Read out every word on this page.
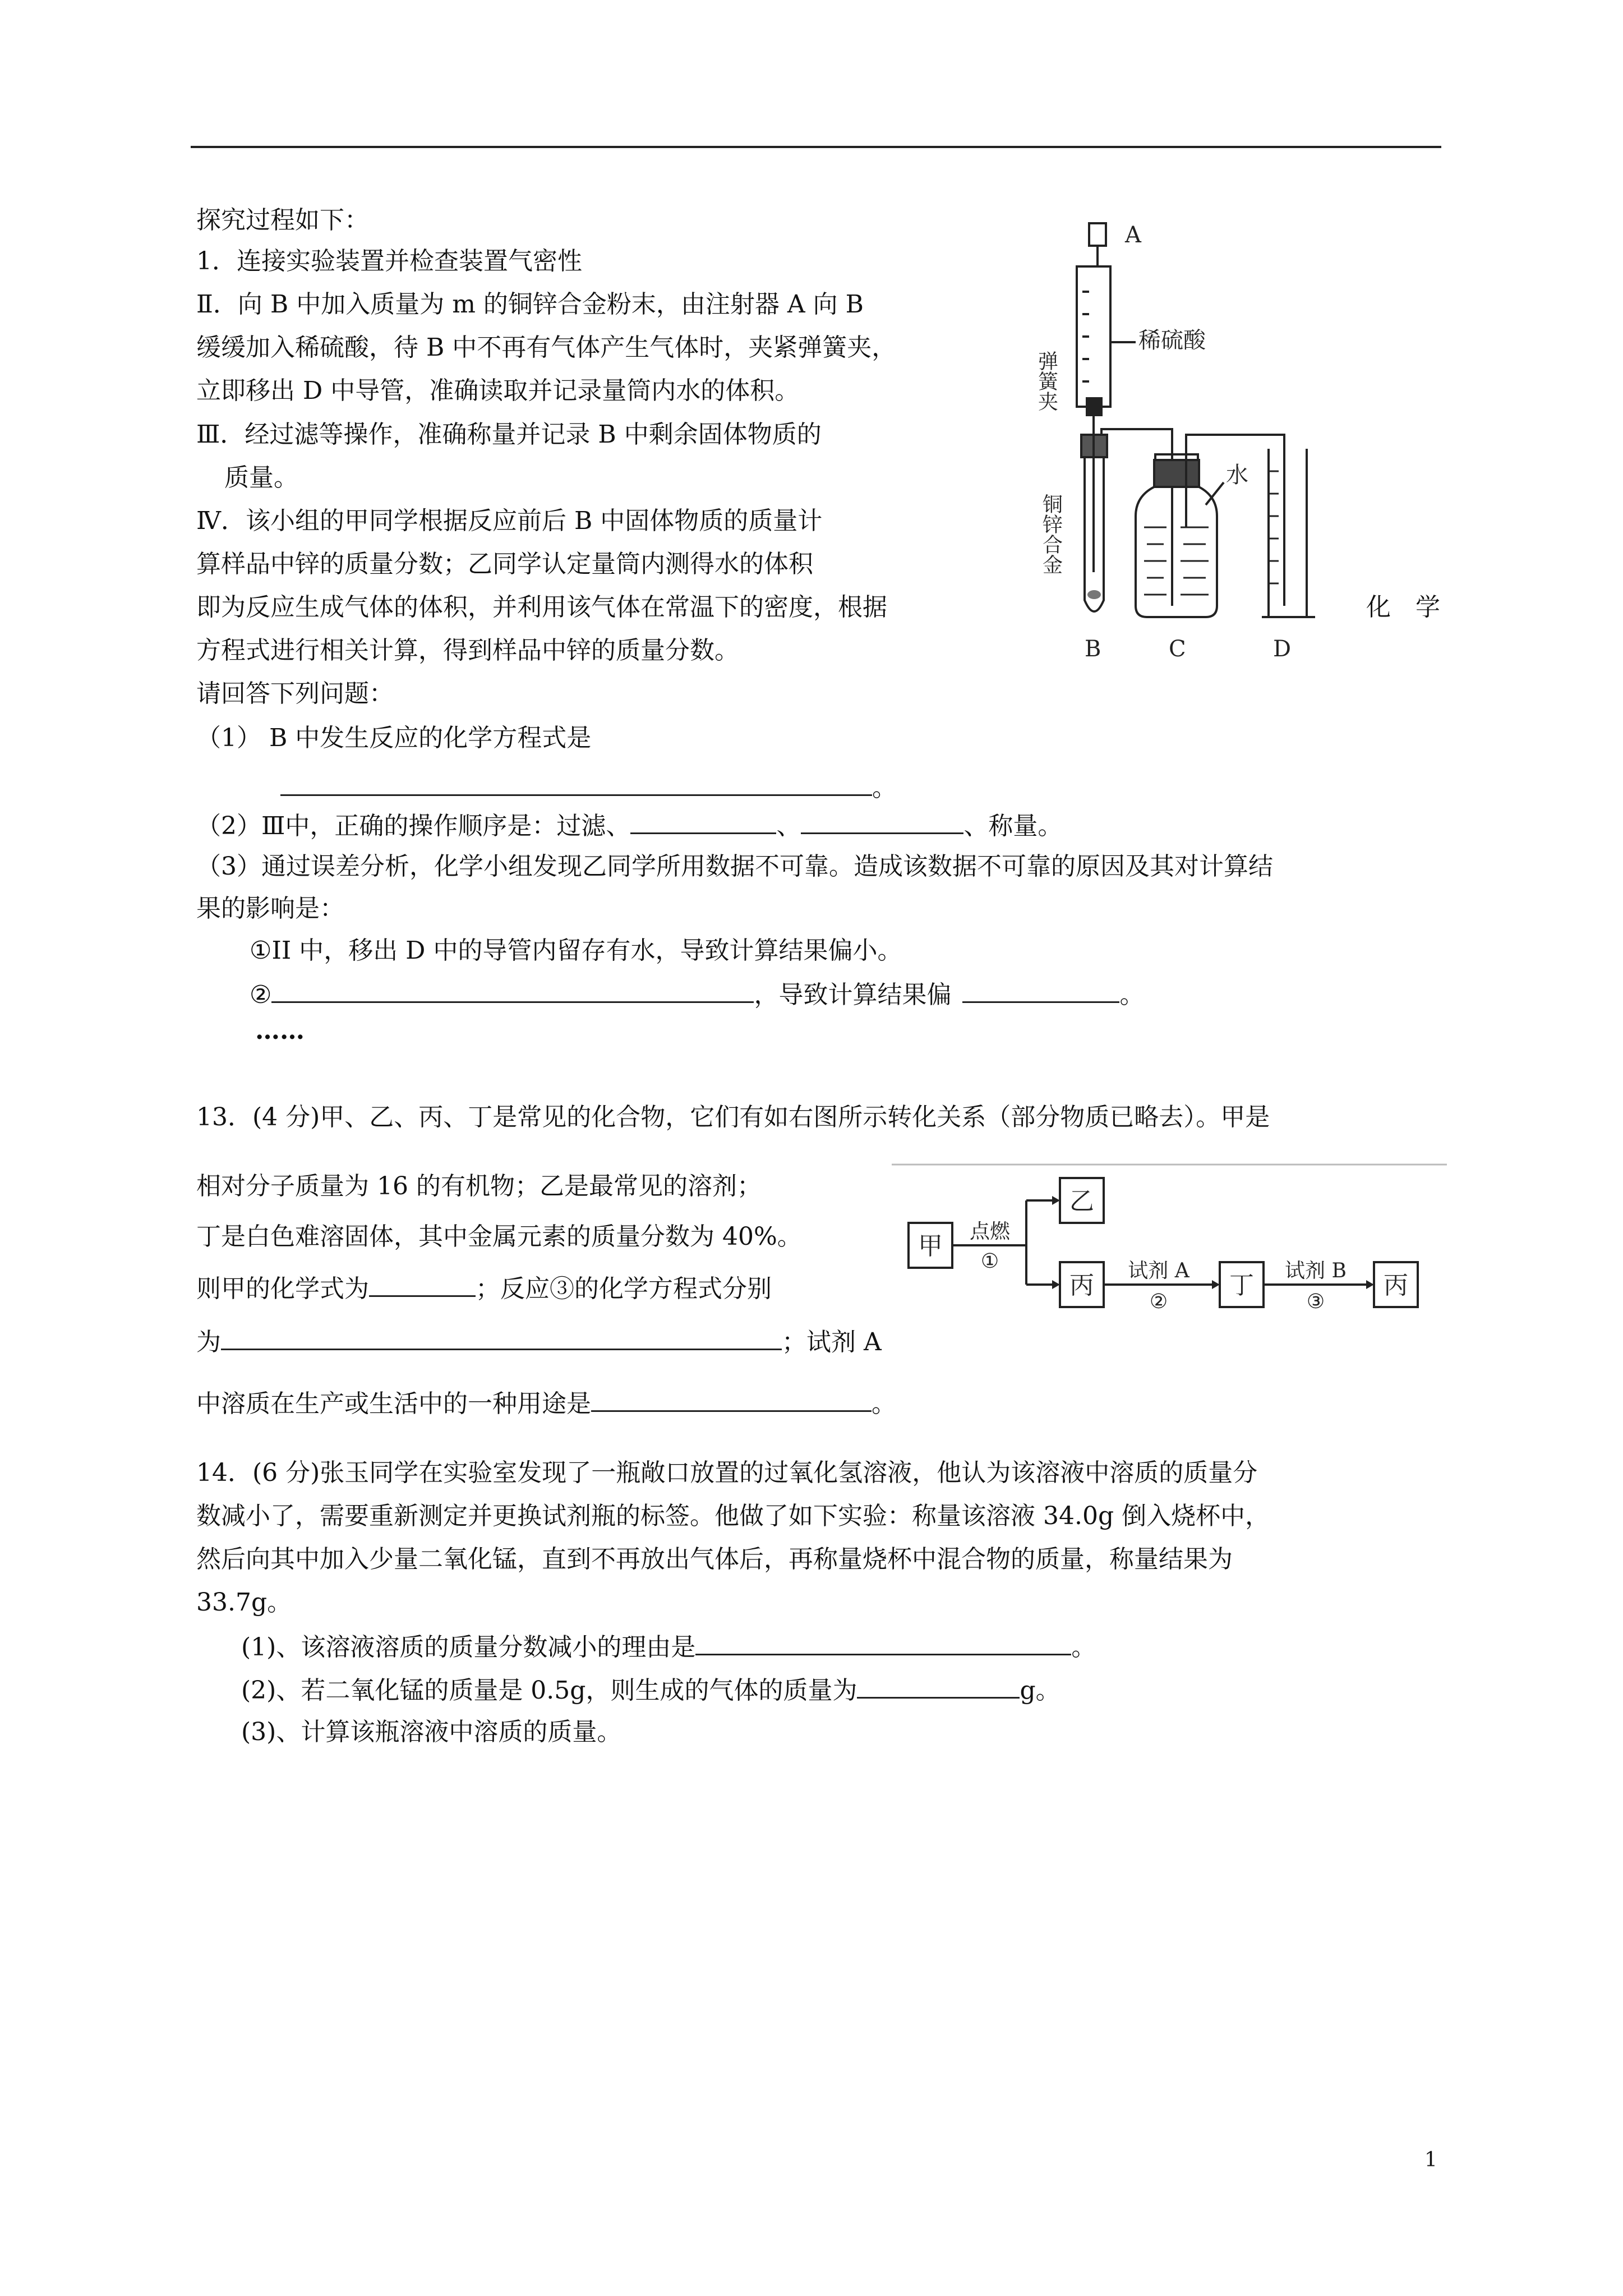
探究过程如下：
1．连接实验装置并检查装置气密性
Ⅱ．向 B 中加入质量为 m 的铜锌合金粉末，由注射器 A 向 B
缓缓加入稀硫酸，待 B 中不再有气体产生气体时，夹紧弹簧夹，
立即移出 D 中导管，准确读取并记录量筒内水的体积。
Ⅲ．经过滤等操作，准确称量并记录 B 中剩余固体物质的
质量。
Ⅳ．该小组的甲同学根据反应前后 B 中固体物质的质量计
算样品中锌的质量分数；乙同学认定量筒内测得水的体积
即为反应生成气体的体积，并利用该气体在常温下的密度，根据	化　学
方程式进行相关计算，得到样品中锌的质量分数。
请回答下列问题：
A
稀硫酸
水
B	C	D
弹簧夹
铜锌合金
（1） B 中发生反应的化学方程式是
。
（2）Ⅲ中，正确的操作顺序是：过滤、	、	、称量。
（3）通过误差分析，化学小组发现乙同学所用数据不可靠。造成该数据不可靠的原因及其对计算结
果的影响是：
①II 中，移出 D 中的导管内留存有水，导致计算结果偏小。
②	，导致计算结果偏	。
……
13．(4 分)甲、乙、丙、丁是常见的化合物，它们有如右图所示转化关系（部分物质已略去）。甲是
相对分子质量为 16 的有机物；乙是最常见的溶剂；
丁是白色难溶固体，其中金属元素的质量分数为 40%。
则甲的化学式为	；反应③的化学方程式分别
为	；试剂 A
中溶质在生产或生活中的一种用途是	。
甲
乙
丙	丁	丙
点燃
①	试剂 A
②
试剂 B
③
14．(6 分)张玉同学在实验室发现了一瓶敞口放置的过氧化氢溶液，他认为该溶液中溶质的质量分
数减小了，需要重新测定并更换试剂瓶的标签。他做了如下实验：称量该溶液 34.0g 倒入烧杯中，
然后向其中加入少量二氧化锰，直到不再放出气体后，再称量烧杯中混合物的质量，称量结果为
33.7g。
(1)、该溶液溶质的质量分数减小的理由是	。
(2)、若二氧化锰的质量是 0.5g，则生成的气体的质量为	g。
(3)、计算该瓶溶液中溶质的质量。
1
